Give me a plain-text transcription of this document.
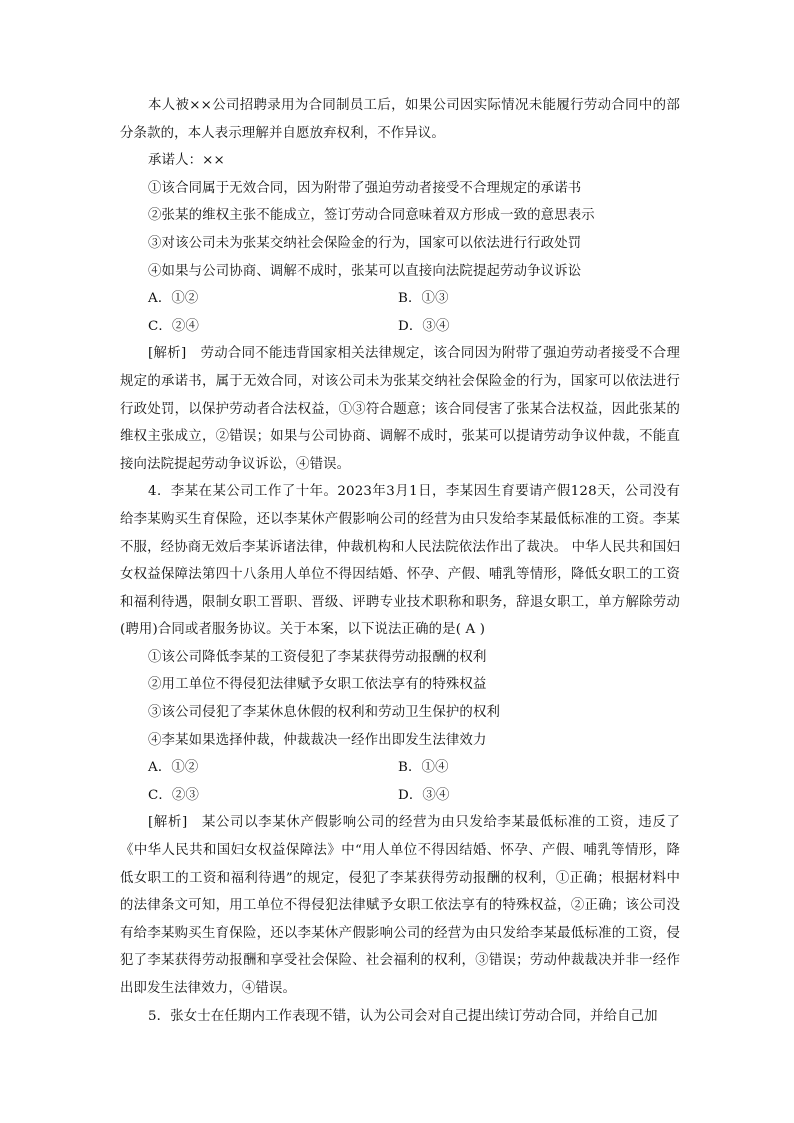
本人被××公司招聘录用为合同制员工后，如果公司因实际情况未能履行劳动合同中的部分条款的，本人表示理解并自愿放弃权利，不作异议。

承诺人：××

①该合同属于无效合同，因为附带了强迫劳动者接受不合理规定的承诺书

②张某的维权主张不能成立，签订劳动合同意味着双方形成一致的意思表示

③对该公司未为张某交纳社会保险金的行为，国家可以依法进行行政处罚

④如果与公司协商、调解不成时，张某可以直接向法院提起劳动争议诉讼

A．①②	B．①③
C．②④	D．③④

[解析] 劳动合同不能违背国家相关法律规定，该合同因为附带了强迫劳动者接受不合理规定的承诺书，属于无效合同，对该公司未为张某交纳社会保险金的行为，国家可以依法进行行政处罚，以保护劳动者合法权益，①③符合题意；该合同侵害了张某合法权益，因此张某的维权主张成立，②错误；如果与公司协商、调解不成时，张某可以提请劳动争议仲裁，不能直接向法院提起劳动争议诉讼，④错误。

4．李某在某公司工作了十年。2023年3月1日，李某因生育要请产假128天，公司没有给李某购买生育保险，还以李某休产假影响公司的经营为由只发给李某最低标准的工资。李某不服，经协商无效后李某诉诸法律，仲裁机构和人民法院依法作出了裁决。 中华人民共和国妇女权益保障法第四十八条用人单位不得因结婚、怀孕、产假、哺乳等情形，降低女职工的工资和福利待遇，限制女职工晋职、晋级、评聘专业技术职称和职务，辞退女职工，单方解除劳动(聘用)合同或者服务协议。关于本案，以下说法正确的是( A )

①该公司降低李某的工资侵犯了李某获得劳动报酬的权利

②用工单位不得侵犯法律赋予女职工依法享有的特殊权益

③该公司侵犯了李某休息休假的权利和劳动卫生保护的权利

④李某如果选择仲裁，仲裁裁决一经作出即发生法律效力

A．①②	B．①④
C．②③	D．③④

[解析] 某公司以李某休产假影响公司的经营为由只发给李某最低标准的工资，违反了《中华人民共和国妇女权益保障法》中“用人单位不得因结婚、怀孕、产假、哺乳等情形，降低女职工的工资和福利待遇”的规定，侵犯了李某获得劳动报酬的权利，①正确；根据材料中的法律条文可知，用工单位不得侵犯法律赋予女职工依法享有的特殊权益，②正确；该公司没有给李某购买生育保险，还以李某休产假影响公司的经营为由只发给李某最低标准的工资，侵犯了李某获得劳动报酬和享受社会保险、社会福利的权利，③错误；劳动仲裁裁决并非一经作出即发生法律效力，④错误。

5．张女士在任期内工作表现不错，认为公司会对自己提出续订劳动合同，并给自己加
